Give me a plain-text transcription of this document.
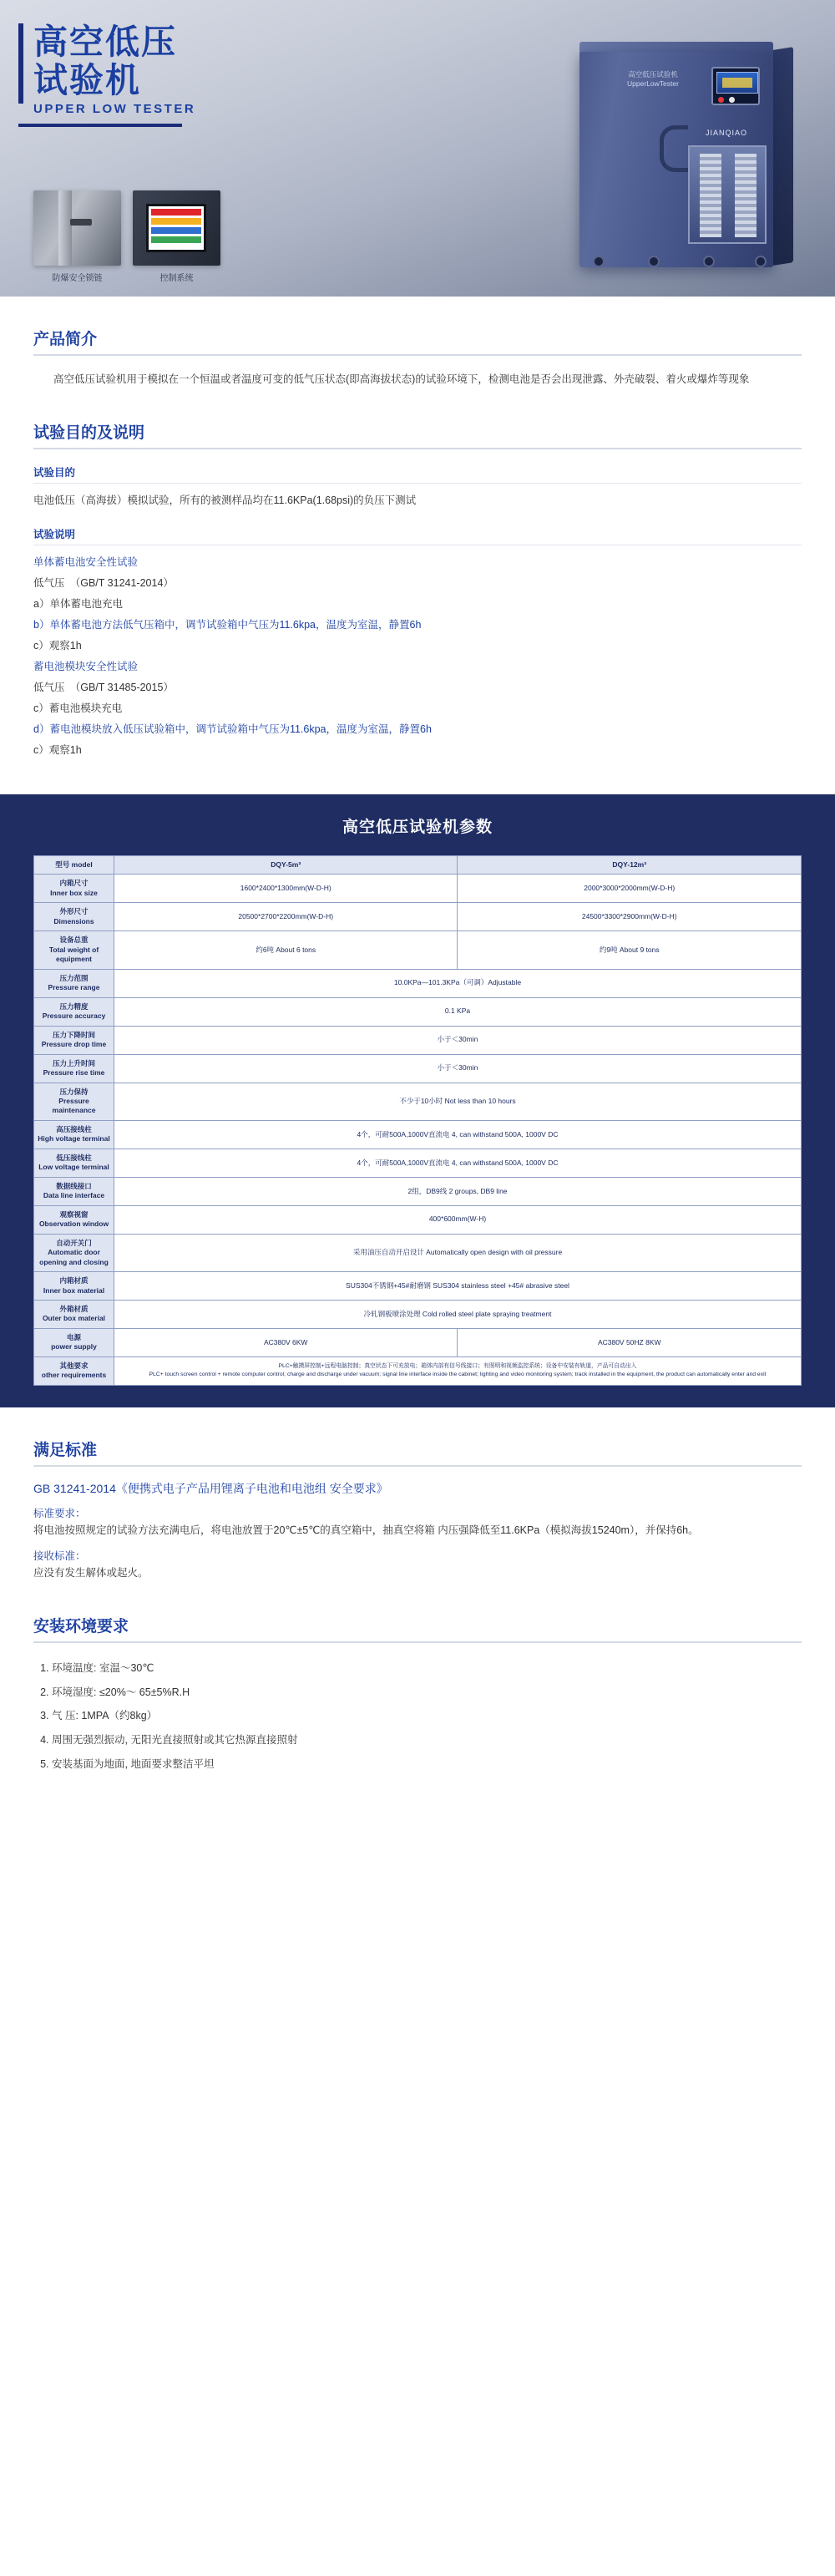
高空低压
试验机
UPPER LOW TESTER
高空低压试验机 UpperLowTester
JIANQIAO
防爆安全锁链	控制系统
产品简介
高空低压试验机用于模拟在一个恒温或者温度可变的低气压状态(即高海拔状态)的试验环境下，检测电池是否会出现泄露、外壳破裂、着火或爆炸等现象
试验目的及说明
试验目的
电池低压（高海拔）模拟试验，所有的被测样品均在11.6KPa(1.68psi)的负压下测试
试验说明
单体蓄电池安全性试验
低气压　（GB/T 31241-2014）
a）单体蓄电池充电
b）单体蓄电池方法低气压箱中，调节试验箱中气压为11.6kpa，温度为室温，静置6h
c）观察1h
蓄电池模块安全性试验
低气压　（GB/T 31485-2015）
c）蓄电池模块充电
d）蓄电池模块放入低压试验箱中，调节试验箱中气压为11.6kpa，温度为室温，静置6h
c）观察1h
高空低压试验机参数
型号 model	DQY-5m³	DQY-12m³
内箱尺寸
Inner box size	1600*2400*1300mm(W-D-H)	2000*3000*2000mm(W-D-H)
外形尺寸
Dimensions	20500*2700*2200mm(W-D-H)	24500*3300*2900mm(W-D-H)
设备总重
Total weight of equipment	约6吨 About 6 tons	约9吨 About 9 tons
压力范围
Pressure range	10.0KPa—101.3KPa（可调）Adjustable	
压力精度
Pressure accuracy	0.1 KPa	
压力下降时间
Pressure drop time	小于＜30min	
压力上升时间
Pressure rise time	小于＜30min	
压力保持
Pressure maintenance	不少于10小时 Not less than 10 hours	
高压接线柱
High voltage terminal	4个，可耐500A,1000V直流电 4, can withstand 500A, 1000V DC	
低压接线柱
Low voltage terminal	4个，可耐500A,1000V直流电 4, can withstand 500A, 1000V DC	
数据线接口
Data line interface	2组，DB9线 2 groups, DB9 line	
观察视窗
Observation window	400*600mm(W-H)	
自动开关门
Automatic door opening and closing	采用油压自动开启设计 Automatically open design with oil pressure	
内箱材质
Inner box material	SUS304不锈钢+45#耐磨钢 SUS304 stainless steel +45# abrasive steel	
外箱材质
Outer box material	冷轧钢板喷涂处理 Cold rolled steel plate spraying treatment	
电源
power supply	AC380V 6KW	AC380V 50HZ 8KW
其他要求
other requirements	PLC+触摸屏控制+远程电脑控制；真空状态下可充放电；箱体内部有信号线接口；有照明和视频监控系统；设备中安装有轨道，产品可自动出入
PLC+ touch screen control + remote computer control; charge and discharge under vacuum; signal line interface inside the cabinet; lighting and video monitoring system; track installed in the equipment, the product can automatically enter and exit	
满足标准
GB 31241-2014《便携式电子产品用锂离子电池和电池组 安全要求》
标准要求：
将电池按照规定的试验方法充满电后，将电池放置于20℃±5℃的真空箱中，抽真空将箱 内压强降低至11.6KPa（模拟海拔15240m），并保持6h。
接收标准：
应没有发生解体或起火。
安装环境要求
1. 环境温度: 室温～30℃
2. 环境湿度: ≤20%～ 65±5%R.H
3. 气 压: 1MPA（约8kg）
4. 周围无强烈振动, 无阳光直接照射或其它热源直接照射
5. 安装基面为地面, 地面要求整洁平坦
